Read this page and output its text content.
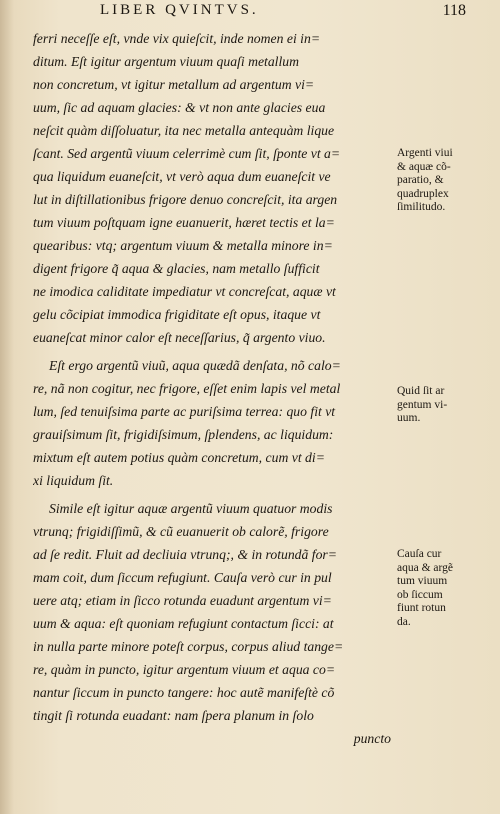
LIBER QVINTVS.	118
ferri neceſſe eſt, vnde vix quieſcit, inde nomen ei in=
ditum. Eſt igitur argentum viuum quaſi metallum
non concretum, vt igitur metallum ad argentum vi=
uum, ſic ad aquam glacies: & vt non ante glacies eua
neſcit quàm diſſoluatur, ita nec metalla antequàm lique
ſcant. Sed argentũ viuum celerrimè cum ſit, ſponte vt a=
qua liquidum euaneſcit, vt verò aqua dum euaneſcit ve
lut in diſtillationibus frigore denuo concreſcit, ita argen
tum viuum poſtquam igne euanuerit, hæret tectis et la=
quearibus: vtq; argentum viuum & metalla minore in=
digent frigore q̃ aqua & glacies, nam metallo ſufficit
ne imodica caliditate impediatur vt concreſcat, aquæ vt
gelu cõcipiat immodica frigiditate eſt opus, itaque vt
euaneſcat minor calor eſt neceſſarius, q̃ argento viuo.
Eſt ergo argentũ viuũ, aqua quædã denſata, nõ calo=
re, nã non cogitur, nec frigore, eſſet enim lapis vel metal
lum, ſed tenuiſsima parte ac puriſsima terrea: quo fit vt
grauiſsimum ſit, frigidiſsimum, ſplendens, ac liquidum:
mixtum eſt autem potius quàm concretum, cum vt di=
xi liquidum ſit.
Simile eſt igitur aquæ argentũ viuum quatuor modis
vtrunq; frigidiſſimũ, & cũ euanuerit ob calorẽ, frigore
ad ſe redit. Fluit ad decliuia vtrunq;, & in rotundã for=
mam coit, dum ſiccum refugiunt. Cauſa verò cur in pul
uere atq; etiam in ſicco rotunda euadunt argentum vi=
uum & aqua: eſt quoniam refugiunt contactum ſicci: at
in nulla parte minore poteſt corpus, corpus aliud tange=
re, quàm in puncto, igitur argentum viuum et aqua co=
nantur ſiccum in puncto tangere: hoc autẽ manifeſtè cõ
tingit ſi rotunda euadant: nam ſpera planum in ſolo
puncto
Argenti viui
& aquæ cõ-
paratio, &
quadruplex
ſimilitudo.
Quid ſit ar
gentum vi-
uum.
Cauſa cur
aqua & argẽ
tum viuum
ob ſiccum
fiunt rotun
da.
